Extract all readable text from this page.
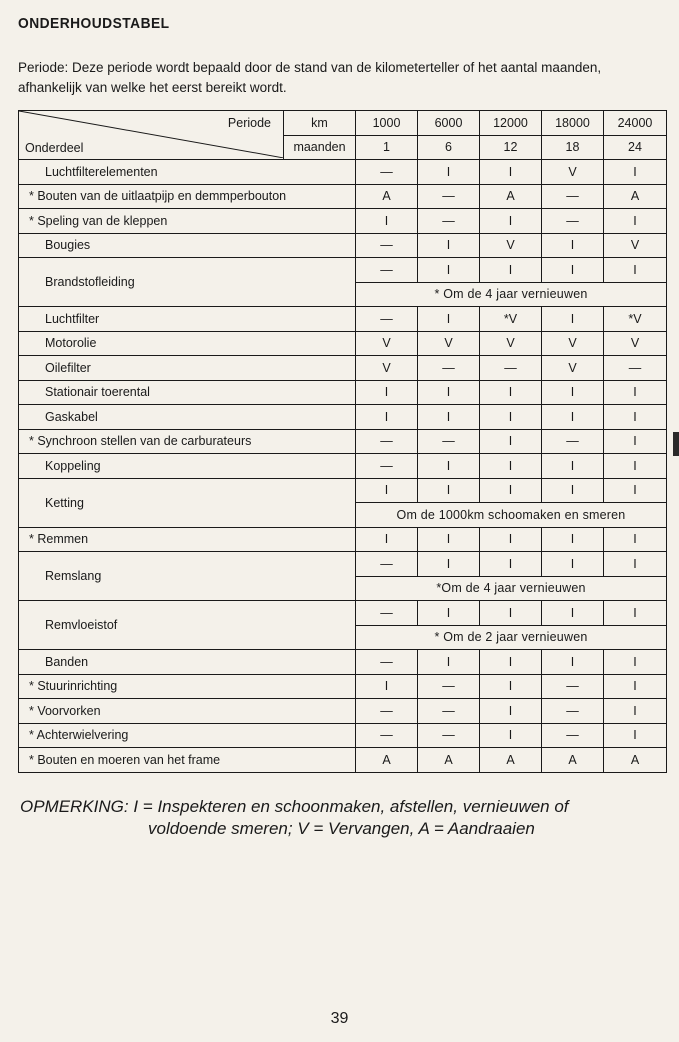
ONDERHOUDSTABEL
Periode: Deze periode wordt bepaald door de stand van de kilometerteller of het aantal maanden, afhankelijk van welke het eerst bereikt wordt.
Periode
Onderdeel	km	1000	6000	12000	18000	24000
	maanden	1	6	12	18	24
Luchtfilterelementen		—	I	I	V	I
* Bouten van de uitlaatpijp en demmperbouton		A	—	A	—	A
* Speling van de kleppen		I	—	I	—	I
Bougies		—	I	V	I	V
Brandstofleiding		—	I	I	I	I
		* Om de 4 jaar vernieuwen				
Luchtfilter		—	I	*V	I	*V
Motorolie		V	V	V	V	V
Oilefilter		V	—	—	V	—
Stationair toerental		I	I	I	I	I
Gaskabel		I	I	I	I	I
* Synchroon stellen van de carburateurs		—	—	I	—	I
Koppeling		—	I	I	I	I
Ketting		I	I	I	I	I
		Om de 1000km schoomaken en smeren				
* Remmen		I	I	I	I	I
Remslang		—	I	I	I	I
		*Om de 4 jaar vernieuwen				
Remvloeistof		—	I	I	I	I
		* Om de 2 jaar vernieuwen				
Banden		—	I	I	I	I
* Stuurinrichting		I	—	I	—	I
* Voorvorken		—	—	I	—	I
* Achterwielvering		—	—	I	—	I
* Bouten en moeren van het frame		A	A	A	A	A
OPMERKING: I = Inspekteren en schoonmaken, afstellen, vernieuwen of
voldoende smeren; V = Vervangen, A = Aandraaien
39
